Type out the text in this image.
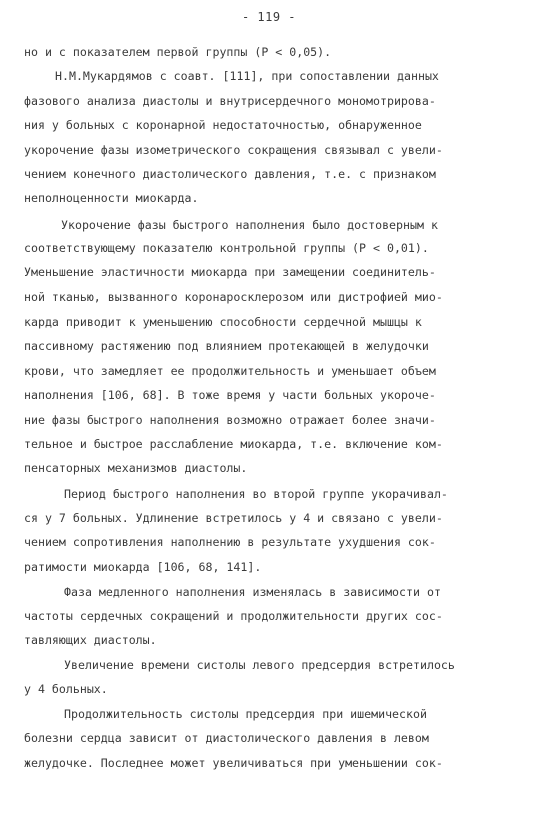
- 119 -

но и с показателем первой группы (P < 0,05).

Н.М.Мукардямов с соавт. [111], при сопоставлении данных

фазового анализа диастолы и внутрисердечного мономотрирова-

ния у больных с коронарной недостаточностью, обнаруженное

укорочение фазы изометрического сокращения связывал с увели-

чением конечного диастолического давления, т.е. с признаком

неполноценности миокарда.

Укорочение фазы быстрого наполнения было достоверным к

соответствующему показателю контрольной группы (P < 0,01).

Уменьшение эластичности миокарда при замещении соединитель-

ной тканью, вызванного коронаросклерозом или дистрофией мио-

карда приводит к уменьшению способности сердечной мышцы к

пассивному растяжению под влиянием протекающей в желудочки

крови, что замедляет ее продолжительность и уменьшает объем

наполнения [106, 68]. В тоже время у части больных укороче-

ние фазы быстрого наполнения возможно отражает более значи-

тельное и быстрое расслабление миокарда, т.е. включение ком-

пенсаторных механизмов диастолы.

Период быстрого наполнения во второй группе укорачивал-

ся у 7 больных. Удлинение встретилось у 4 и связано с увели-

чением сопротивления наполнению в результате ухудшения сок-

ратимости миокарда [106, 68, 141].

Фаза медленного наполнения изменялась в зависимости от

частоты сердечных сокращений и продолжительности других сос-

тавляющих диастолы.

Увеличение времени систолы левого предсердия встретилось

у 4 больных.

Продолжительность систолы предсердия при ишемической

болезни сердца зависит от диастолического давления в левом

желудочке. Последнее может увеличиваться при уменьшении сок-
